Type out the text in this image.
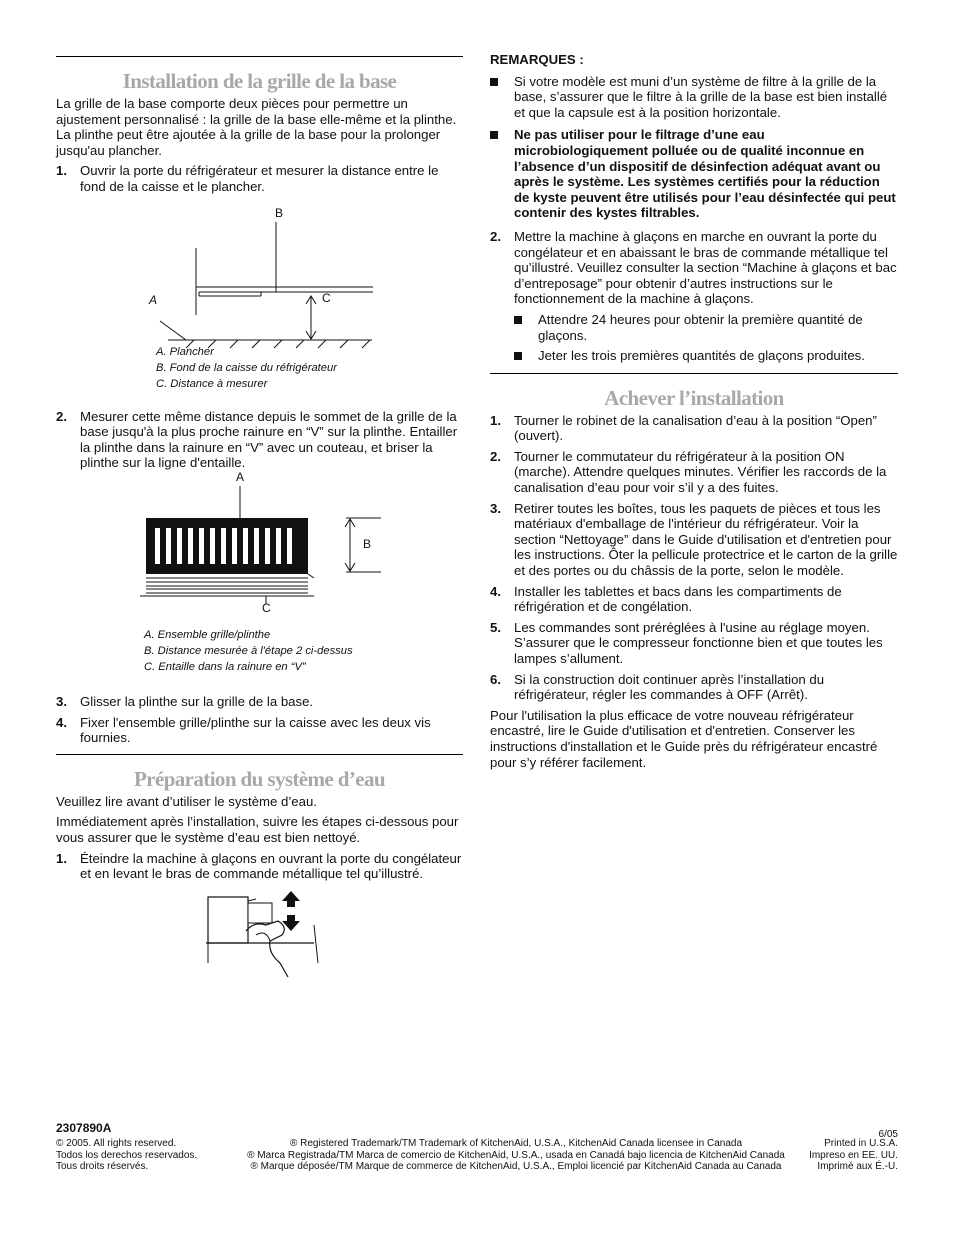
Installation de la grille de la base

La grille de la base comporte deux pièces pour permettre un ajustement personnalisé : la grille de la base elle-même et la plinthe. La plinthe peut être ajoutée à la grille de la base pour la prolonger jusqu'au plancher.

1. Ouvrir la porte du réfrigérateur et mesurer la distance entre le fond de la caisse et le plancher.
B
A	C
A. Plancher
B. Fond de la caisse du réfrigérateur
C. Distance à mesurer
2. Mesurer cette même distance depuis le sommet de la grille de la base jusqu'à la plus proche rainure en “V” sur la plinthe. Entailler la plinthe dans la rainure en “V” avec un couteau, et briser la plinthe sur la ligne d'entaille.
A
B
C
A. Ensemble grille/plinthe
B. Distance mesurée à l'étape 2 ci-dessus
C. Entaille dans la rainure en “V”
3. Glisser la plinthe sur la grille de la base.
4. Fixer l'ensemble grille/plinthe sur la caisse avec les deux vis fournies.
Préparation du système d’eau

Veuillez lire avant d’utiliser le système d’eau.

Immédiatement après l’installation, suivre les étapes ci-dessous pour vous assurer que le système d’eau est bien nettoyé.

1. Éteindre la machine à glaçons en ouvrant la porte du congélateur et en levant le bras de commande métallique tel qu’illustré.

REMARQUES :

Si votre modèle est muni d’un système de filtre à la grille de la base, s’assurer que le filtre à la grille de la base est bien installé et que la capsule est à la position horizontale.
Ne pas utiliser pour le filtrage d’une eau microbiologiquement polluée ou de qualité inconnue en l’absence d’un dispositif de désinfection adéquat avant ou après le système. Les systèmes certifiés pour la réduction de kyste peuvent être utilisés pour l’eau désinfectée qui peut contenir des kystes filtrables.
2. Mettre la machine à glaçons en marche en ouvrant la porte du congélateur et en abaissant le bras de commande métallique tel qu’illustré. Veuillez consulter la section “Machine à glaçons et bac d’entreposage” pour obtenir d’autres instructions sur le fonctionnement de la machine à glaçons.
Attendre 24 heures pour obtenir la première quantité de glaçons.
Jeter les trois premières quantités de glaçons produites.
Achever l’installation
1. Tourner le robinet de la canalisation d’eau à la position “Open” (ouvert).
2. Tourner le commutateur du réfrigérateur à la position ON (marche). Attendre quelques minutes. Vérifier les raccords de la canalisation d’eau pour voir s’il y a des fuites.
3. Retirer toutes les boîtes, tous les paquets de pièces et tous les matériaux d'emballage de l'intérieur du réfrigérateur. Voir la section “Nettoyage” dans le Guide d'utilisation et d'entretien pour les instructions. Ôter la pellicule protectrice et le carton de la grille et des portes ou du châssis de la porte, selon le modèle.
4. Installer les tablettes et bacs dans les compartiments de réfrigération et de congélation.
5. Les commandes sont préréglées à l'usine au réglage moyen. S’assurer que le compresseur fonctionne bien et que toutes les lampes s’allument.
6. Si la construction doit continuer après l’installation du réfrigérateur, régler les commandes à OFF (Arrêt).

Pour l'utilisation la plus efficace de votre nouveau réfrigérateur encastré, lire le Guide d'utilisation et d'entretien. Conserver les instructions d'installation et le Guide près du réfrigérateur encastré pour s’y référer facilement.

2307890A	6/05
© 2005. All rights reserved.
Todos los derechos reservados.
Tous droits réservés.
® Registered Trademark/TM Trademark of KitchenAid, U.S.A., KitchenAid Canada licensee in Canada
® Marca Registrada/TM Marca de comercio de KitchenAid, U.S.A., usada en Canadá bajo licencia de KitchenAid Canada
® Marque déposée/TM Marque de commerce de KitchenAid, U.S.A., Emploi licencié par KitchenAid Canada au Canada
Printed in U.S.A.
Impreso en EE. UU.
Imprimé aux É.-U.
